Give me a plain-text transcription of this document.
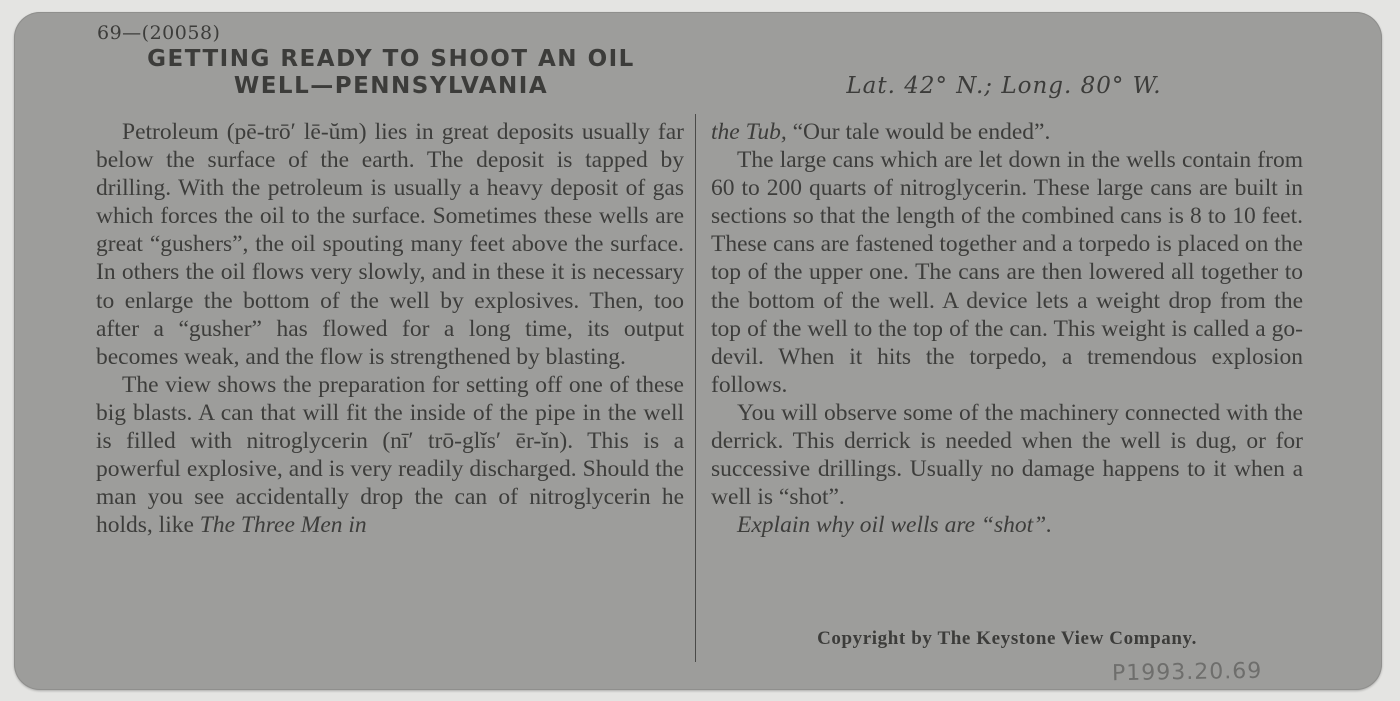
69—(20058)
GETTING READY TO SHOOT AN OIL
WELL—PENNSYLVANIA	Lat. 42° N.; Long. 80° W.

Petroleum (pē-trō′ lē-ŭm) lies in great deposits usually far below the surface of the earth. The deposit is tapped by drilling. With the petroleum is usually a heavy deposit of gas which forces the oil to the surface. Sometimes these wells are great “gushers”, the oil spouting many feet above the surface. In others the oil flows very slowly, and in these it is necessary to enlarge the bottom of the well by explosives. Then, too after a “gusher” has flowed for a long time, its output becomes weak, and the flow is strengthened by blasting.

The view shows the preparation for setting off one of these big blasts. A can that will fit the inside of the pipe in the well is filled with nitroglycerin (nī′ trō-glĭs′ ēr-ĭn). This is a powerful explosive, and is very readily discharged. Should the man you see accidentally drop the can of nitroglycerin he holds, like The Three Men in

the Tub, “Our tale would be ended”.

The large cans which are let down in the wells contain from 60 to 200 quarts of nitroglycerin. These large cans are built in sections so that the length of the combined cans is 8 to 10 feet. These cans are fastened together and a torpedo is placed on the top of the upper one. The cans are then lowered all together to the bottom of the well. A device lets a weight drop from the top of the well to the top of the can. This weight is called a go-devil. When it hits the torpedo, a tremendous explosion follows.

You will observe some of the machinery connected with the derrick. This derrick is needed when the well is dug, or for successive drillings. Usually no damage happens to it when a well is “shot”.

Explain why oil wells are “shot”.

Copyright by The Keystone View Company.
P1993.20.69
